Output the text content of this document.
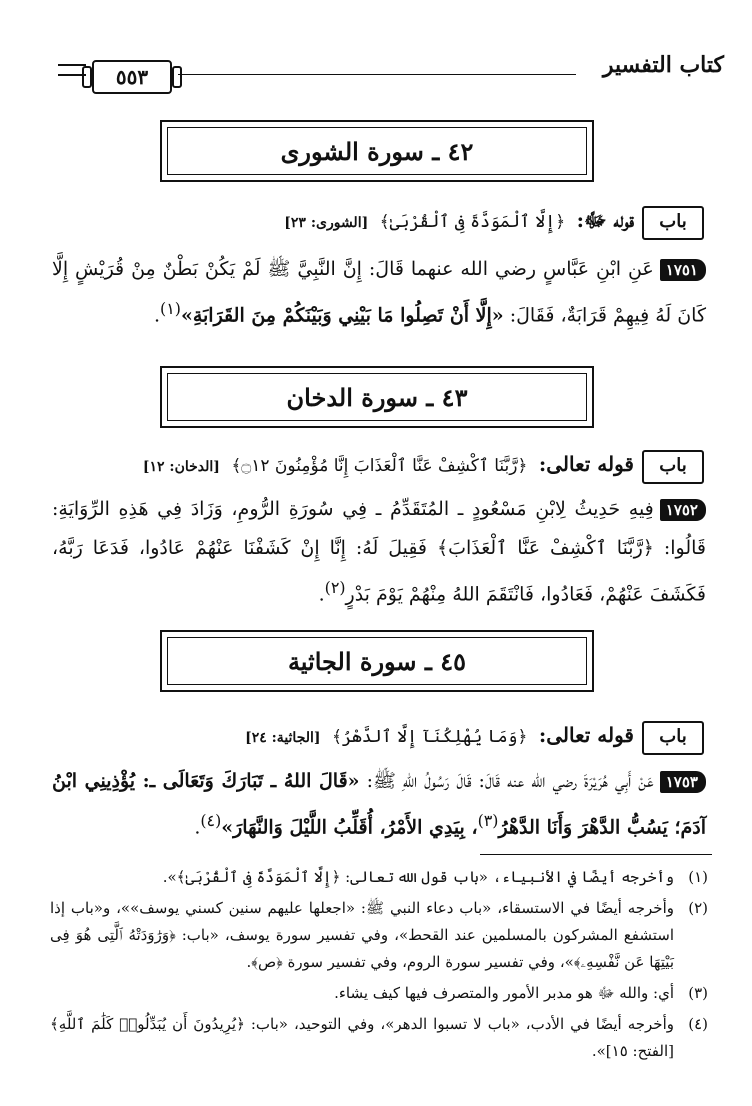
كتاب التفسير
٥٥٣
٤٢ ـ سورة الشورى
بابقوله ﷻ: ﴿إِلَّا ٱلْمَوَدَّةَ فِى ٱلْقُرْبَىٰ﴾ [الشورى: ٢٣]
١٧٥١عَنِ ابْنِ عَبَّاسٍ رضي الله عنهما قَالَ: إِنَّ النَّبِيَّ ﷺ لَمْ يَكُنْ بَطْنٌ مِنْ قُرَيْشٍ إِلَّا كَانَ لَهُ فِيهِمْ قَرَابَةٌ، فَقَالَ: «إِلَّا أَنْ تَصِلُوا مَا بَيْنِي وَبَيْنَكُمْ مِنَ القَرَابَةِ»$^{(١)}$.
٤٣ ـ سورة الدخان
بابقوله تعالى: ﴿رَّبَّنَا ٱكْشِفْ عَنَّا ٱلْعَذَابَ إِنَّا مُؤْمِنُونَ ۝١٢﴾ [الدخان: ١٢]
١٧٥٢فِيهِ حَدِيثُ لِابْنِ مَسْعُودٍ ـ المُتَقَدِّمُ ـ فِي سُورَةِ الرُّومِ، وَزَادَ فِي هَذِهِ الرِّوَايَةِ: قَالُوا: ﴿رَّبَّنَا ٱكْشِفْ عَنَّا ٱلْعَذَابَ﴾ فَقِيلَ لَهُ: إِنَّا إِنْ كَشَفْنَا عَنْهُمْ عَادُوا، فَدَعَا رَبَّهُ، فَكَشَفَ عَنْهُمْ، فَعَادُوا، فَانْتَقَمَ اللهُ مِنْهُمْ يَوْمَ بَدْرٍ$^{(٢)}$.
٤٥ ـ سورة الجاثية
بابقوله تعالى: ﴿وَمَا يُهْلِكُنَآ إِلَّا ٱلدَّهْرُ﴾ [الجاثية: ٢٤]
١٧٥٣عَنْ أَبِي هُرَيْرَةَ رضي الله عنه قَالَ: قَالَ رَسُولُ اللهِ ﷺ: «قَالَ اللهُ ـ تَبَارَكَ وَتَعَالَى ـ: يُؤْذِينِي ابْنُ آدَمَ؛ يَسُبُّ الدَّهْرَ وَأَنَا الدَّهْرُ$^{(٣)}$، بِيَدِي الأَمْرُ، أُقَلِّبُ اللَّيْلَ وَالنَّهَارَ»$^{(٤)}$.
(١)
وأخرجه أيضًا في الأنبياء، «باب قول الله تعالى: ﴿إِلَّا ٱلْمَوَدَّةَ فِى ٱلْقُرْبَىٰ﴾».
(٢)
وأخرجه أيضًا في الاستسقاء، «باب دعاء النبي ﷺ: «اجعلها عليهم سنين كسني يوسف»»، و«باب إذا استشفع المشركون بالمسلمين عند القحط»، وفي تفسير سورة يوسف، «باب: ﴿وَرَٰوَدَتْهُ ٱلَّتِى هُوَ فِى بَيْتِهَا عَن نَّفْسِهِۦ﴾»، وفي تفسير سورة الروم، وفي تفسير سورة ﴿ص﴾.
(٣)
أي: والله ﷻ هو مدبر الأمور والمتصرف فيها كيف يشاء.
(٤)
وأخرجه أيضًا في الأدب، «باب لا تسبوا الدهر»، وفي التوحيد، «باب: ﴿يُرِيدُونَ أَن يُبَدِّلُوا۟ كَلَٰمَ ٱللَّهِ﴾ [الفتح: ١٥]».
